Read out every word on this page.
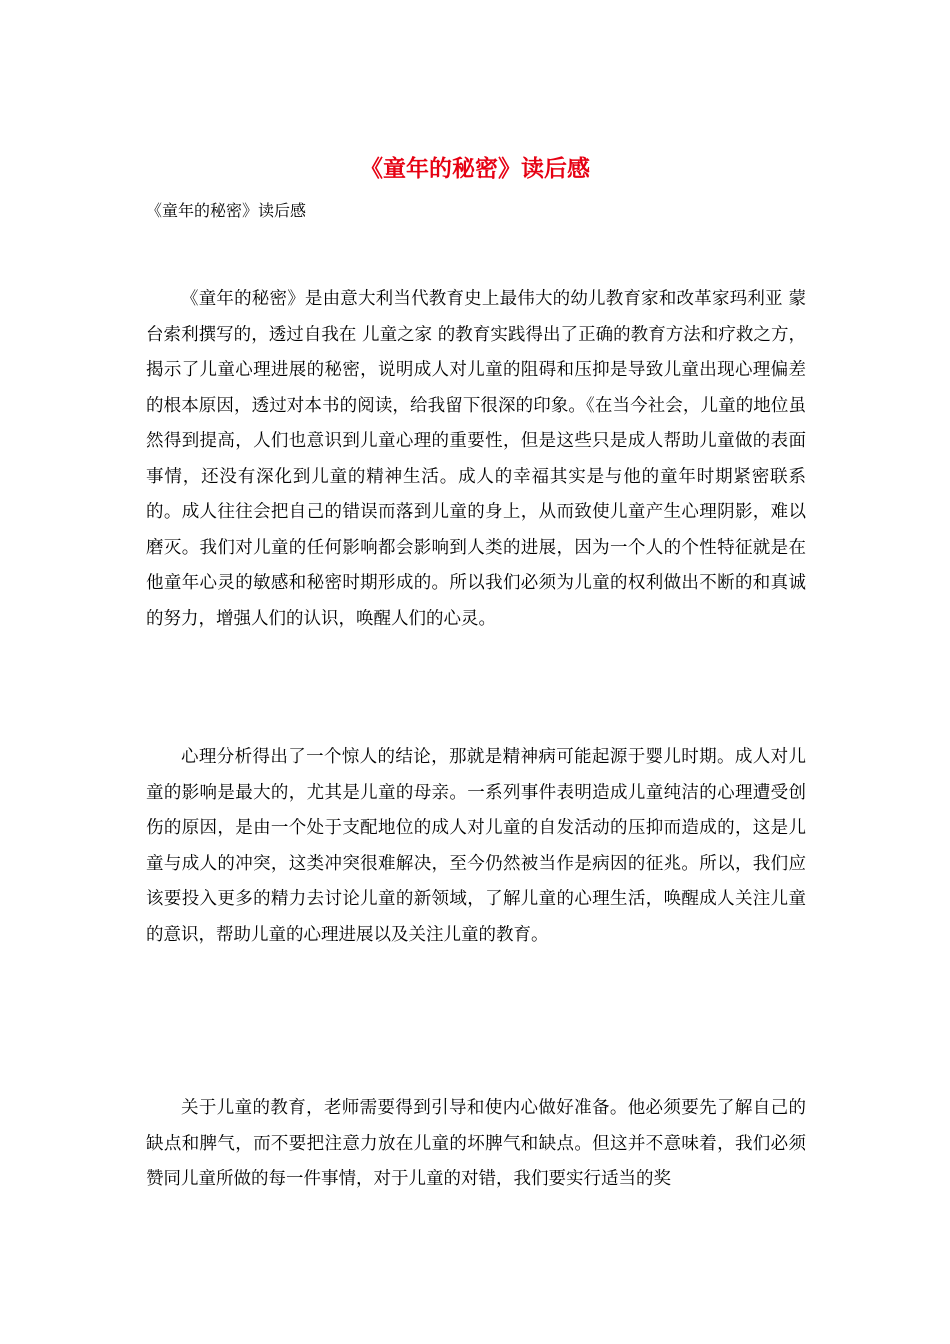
《童年的秘密》读后感

《童年的秘密》读后感

《童年的秘密》是由意大利当代教育史上最伟大的幼儿教育家和改革家玛利亚 蒙台索利撰写的，透过自我在 儿童之家 的教育实践得出了正确的教育方法和疗救之方，揭示了儿童心理进展的秘密，说明成人对儿童的阻碍和压抑是导致儿童出现心理偏差的根本原因，透过对本书的阅读，给我留下很深的印象。《在当今社会，儿童的地位虽然得到提高，人们也意识到儿童心理的重要性，但是这些只是成人帮助儿童做的表面事情，还没有深化到儿童的精神生活。成人的幸福其实是与他的童年时期紧密联系的。成人往往会把自己的错误而落到儿童的身上，从而致使儿童产生心理阴影，难以磨灭。我们对儿童的任何影响都会影响到人类的进展，因为一个人的个性特征就是在他童年心灵的敏感和秘密时期形成的。所以我们必须为儿童的权利做出不断的和真诚的努力，增强人们的认识，唤醒人们的心灵。

心理分析得出了一个惊人的结论，那就是精神病可能起源于婴儿时期。成人对儿童的影响是最大的，尤其是儿童的母亲。一系列事件表明造成儿童纯洁的心理遭受创伤的原因，是由一个处于支配地位的成人对儿童的自发活动的压抑而造成的，这是儿童与成人的冲突，这类冲突很难解决，至今仍然被当作是病因的征兆。所以，我们应该要投入更多的精力去讨论儿童的新领域，了解儿童的心理生活，唤醒成人关注儿童的意识，帮助儿童的心理进展以及关注儿童的教育。

关于儿童的教育，老师需要得到引导和使内心做好准备。他必须要先了解自己的缺点和脾气，而不要把注意力放在儿童的坏脾气和缺点。但这并不意味着，我们必须赞同儿童所做的每一件事情，对于儿童的对错，我们要实行适当的奖
